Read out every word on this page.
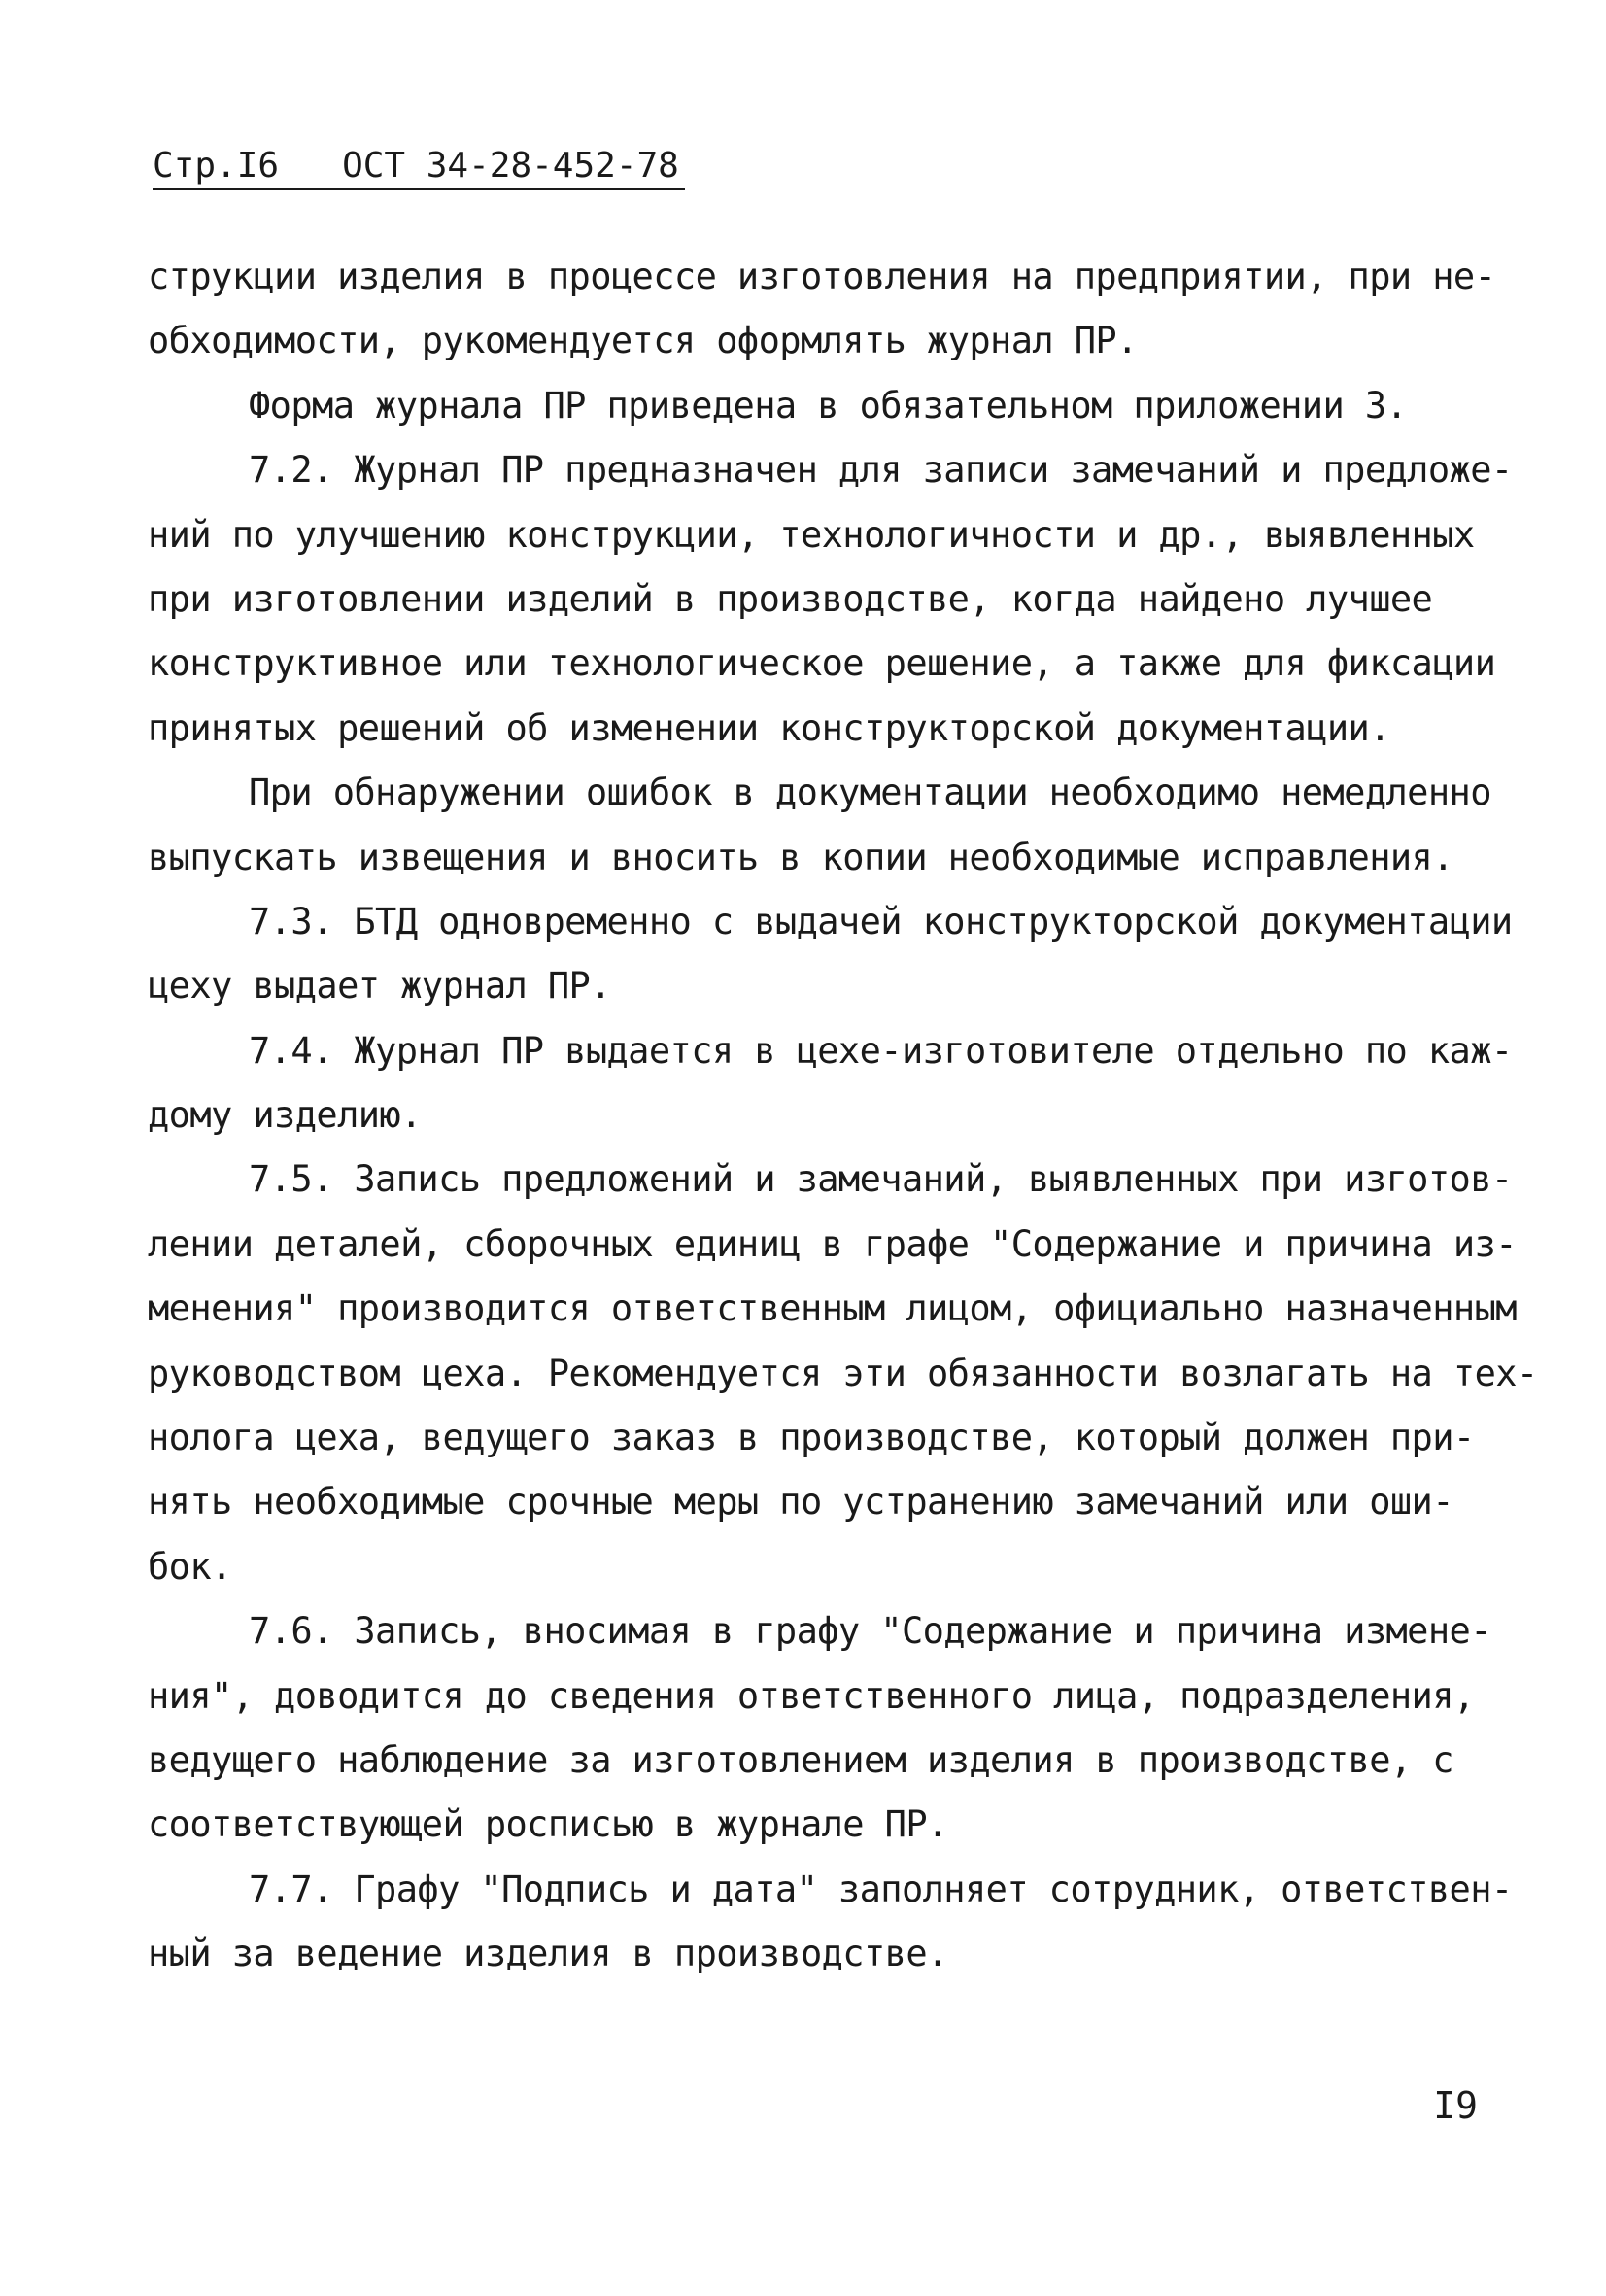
Стр.I6   ОСТ 34-28-452-78
струкции изделия в процессе изготовления на предприятии, при не-
обходимости, рукомендуется оформлять журнал ПР.
Форма журнала ПР приведена в обязательном приложении 3.
7.2. Журнал ПР предназначен для записи замечаний и предложе-
ний по улучшению конструкции, технологичности и др., выявленных
при изготовлении изделий в производстве, когда найдено лучшее
конструктивное или технологическое решение, а также для фиксации
принятых решений об изменении конструкторской документации.
При обнаружении ошибок в документации необходимо немедленно
выпускать извещения и вносить в копии необходимые исправления.
7.3. БТД одновременно с выдачей конструкторской документации
цеху выдает журнал ПР.
7.4. Журнал ПР выдается в цехе-изготовителе отдельно по каж-
дому изделию.
7.5. Запись предложений и замечаний, выявленных при изготов-
лении деталей, сборочных единиц в графе "Содержание и причина из-
менения" производится ответственным лицом, официально назначенным
руководством цеха. Рекомендуется эти обязанности возлагать на тех-
нолога цеха, ведущего заказ в производстве, который должен при-
нять необходимые срочные меры по устранению замечаний или оши-
бок.
7.6. Запись, вносимая в графу "Содержание и причина измене-
ния", доводится до сведения ответственного лица, подразделения,
ведущего наблюдение за изготовлением изделия в производстве, с
соответствующей росписью в журнале ПР.
7.7. Графу "Подпись и дата" заполняет сотрудник, ответствен-
ный за ведение изделия в производстве.
I9
